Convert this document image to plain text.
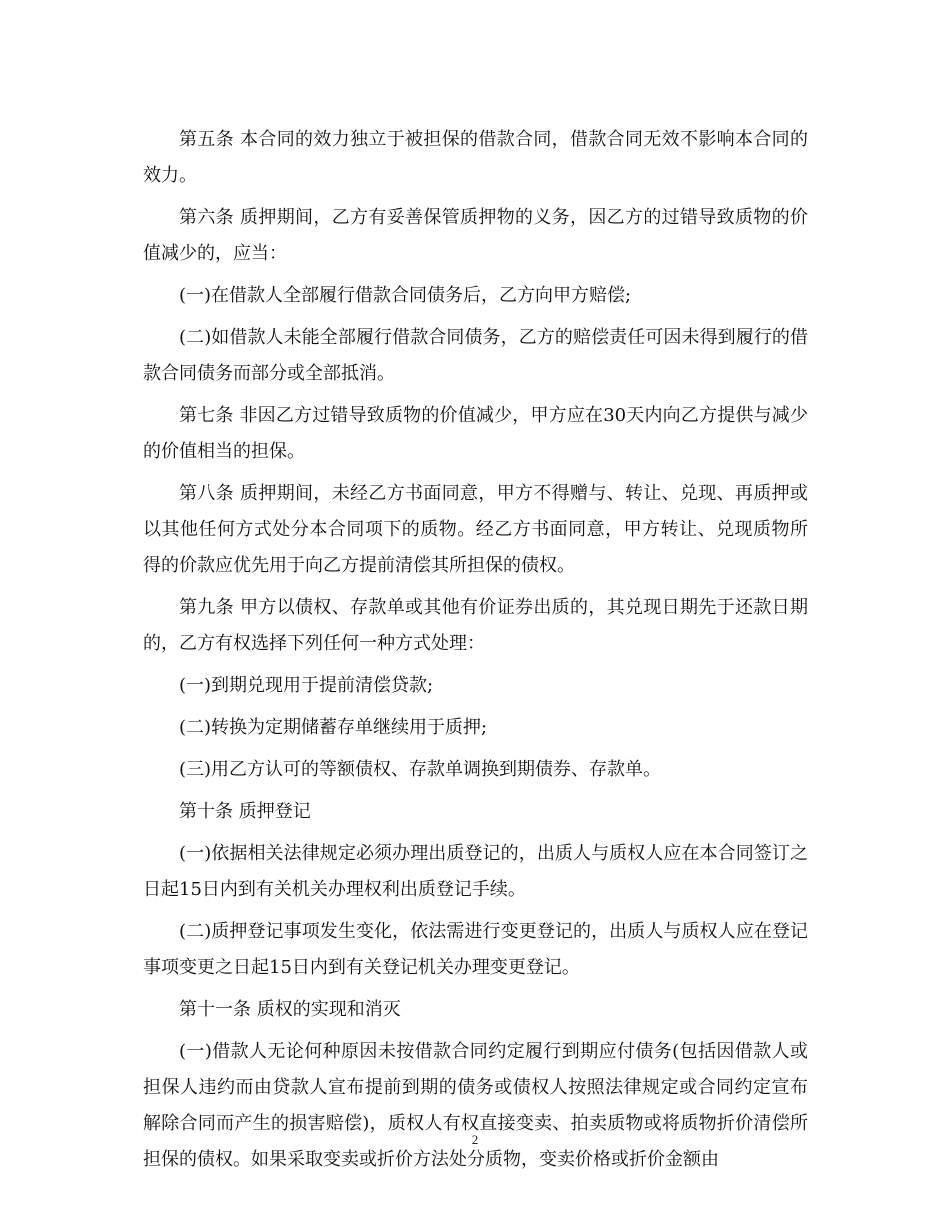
第五条 本合同的效力独立于被担保的借款合同，借款合同无效不影响本合同的效力。

第六条 质押期间，乙方有妥善保管质押物的义务，因乙方的过错导致质物的价值减少的，应当：

(一)在借款人全部履行借款合同债务后，乙方向甲方赔偿;

(二)如借款人未能全部履行借款合同债务，乙方的赔偿责任可因未得到履行的借款合同债务而部分或全部抵消。

第七条 非因乙方过错导致质物的价值减少，甲方应在30天内向乙方提供与减少的价值相当的担保。

第八条 质押期间，未经乙方书面同意，甲方不得赠与、转让、兑现、再质押或以其他任何方式处分本合同项下的质物。经乙方书面同意，甲方转让、兑现质物所得的价款应优先用于向乙方提前清偿其所担保的债权。

第九条 甲方以债权、存款单或其他有价证券出质的，其兑现日期先于还款日期的，乙方有权选择下列任何一种方式处理：

(一)到期兑现用于提前清偿贷款;

(二)转换为定期储蓄存单继续用于质押;

(三)用乙方认可的等额债权、存款单调换到期债券、存款单。

第十条 质押登记

(一)依据相关法律规定必须办理出质登记的，出质人与质权人应在本合同签订之日起15日内到有关机关办理权利出质登记手续。

(二)质押登记事项发生变化，依法需进行变更登记的，出质人与质权人应在登记事项变更之日起15日内到有关登记机关办理变更登记。

第十一条 质权的实现和消灭

(一)借款人无论何种原因未按借款合同约定履行到期应付债务(包括因借款人或担保人违约而由贷款人宣布提前到期的债务或债权人按照法律规定或合同约定宣布解除合同而产生的损害赔偿)，质权人有权直接变卖、拍卖质物或将质物折价清偿所担保的债权。如果采取变卖或折价方法处分质物，变卖价格或折价金额由

2
